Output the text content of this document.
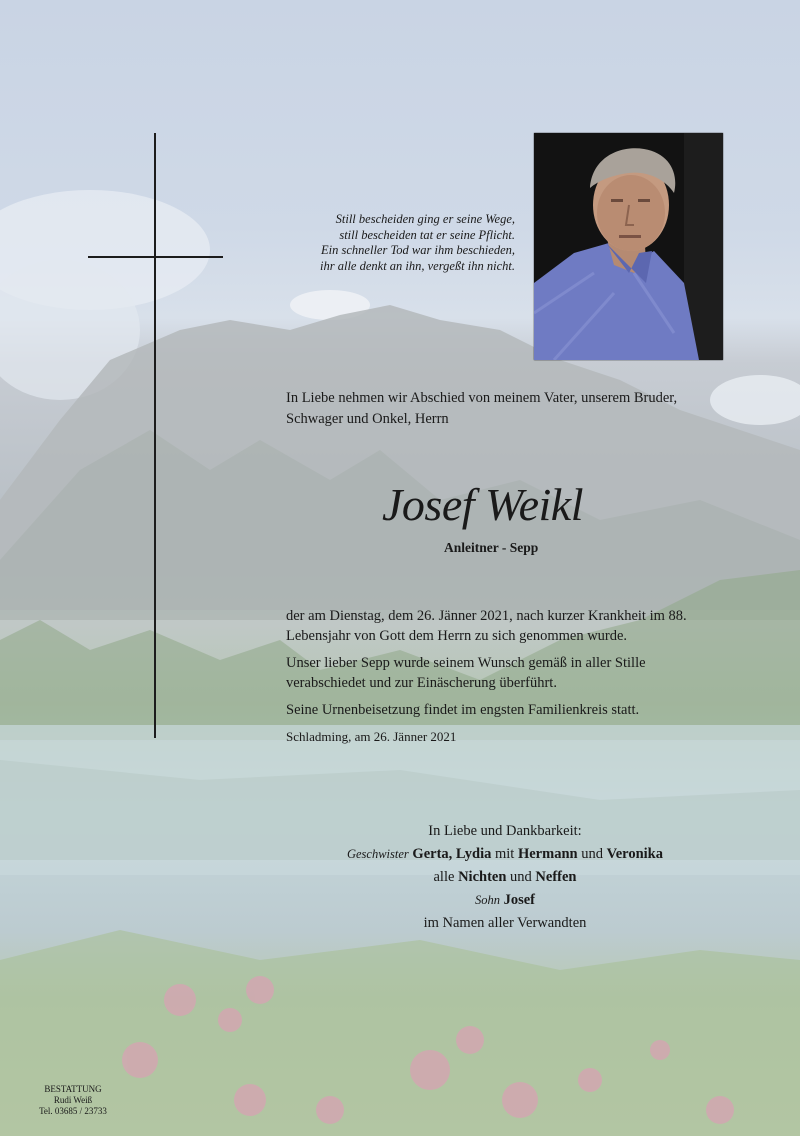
Still bescheiden ging er seine Wege,
still bescheiden tat er seine Pflicht.
Ein schneller Tod war ihm beschieden,
ihr alle denkt an ihn, vergeßt ihn nicht.
In Liebe nehmen wir Abschied von meinem Vater, unserem Bruder,
Schwager und Onkel, Herrn
Josef Weikl
Anleitner - Sepp

der am Dienstag, dem 26. Jänner 2021, nach kurzer Krankheit im 88. Lebensjahr von Gott dem Herrn zu sich genommen wurde.

Unser lieber Sepp wurde seinem Wunsch gemäß in aller Stille verabschiedet und zur Einäscherung überführt.

Seine Urnenbeisetzung findet im engsten Familienkreis statt.

Schladming, am 26. Jänner 2021

In Liebe und Dankbarkeit:
Geschwister Gerta, Lydia mit Hermann und Veronika
alle Nichten und Neffen
Sohn Josef
im Namen aller Verwandten
BESTATTUNG
Rudi Weiß
Tel. 03685 / 23733
